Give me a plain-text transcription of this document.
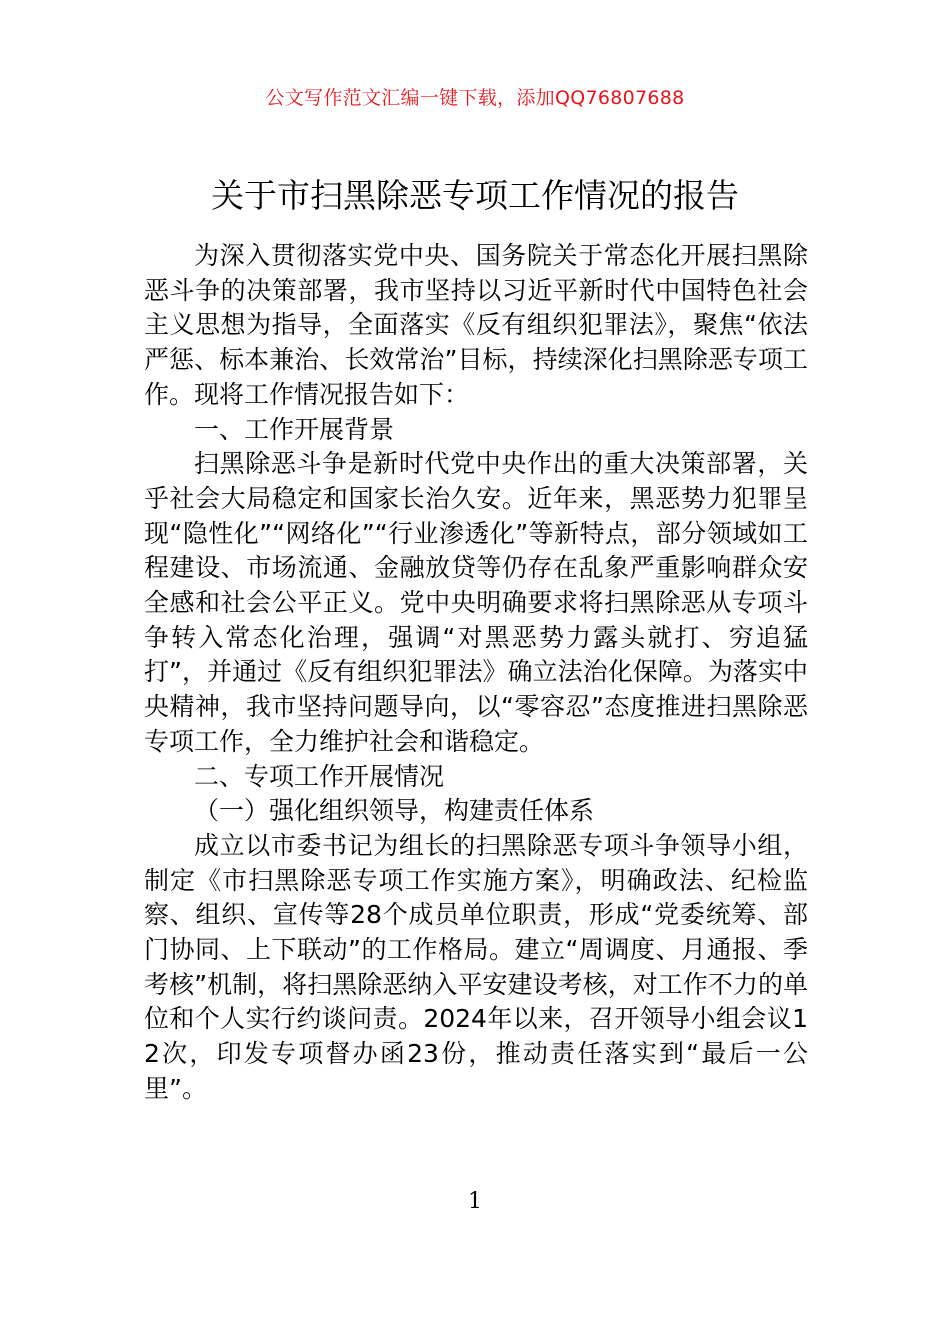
公文写作范文汇编一键下载，添加QQ76807688
关于市扫黑除恶专项工作情况的报告

为深入贯彻落实党中央、国务院关于常态化开展扫黑除恶斗争的决策部署，我市坚持以习近平新时代中国特色社会主义思想为指导，全面落实《反有组织犯罪法》，聚焦“依法严惩、标本兼治、长效常治”目标，持续深化扫黑除恶专项工作。现将工作情况报告如下：

一、工作开展背景

扫黑除恶斗争是新时代党中央作出的重大决策部署，关乎社会大局稳定和国家长治久安。近年来，黑恶势力犯罪呈现“隐性化”“网络化”“行业渗透化”等新特点，部分领域如工程建设、市场流通、金融放贷等仍存在乱象严重影响群众安全感和社会公平正义。党中央明确要求将扫黑除恶从专项斗争转入常态化治理，强调“对黑恶势力露头就打、穷追猛打”，并通过《反有组织犯罪法》确立法治化保障。为落实中央精神，我市坚持问题导向，以“零容忍”态度推进扫黑除恶专项工作，全力维护社会和谐稳定。

二、专项工作开展情况

（一）强化组织领导，构建责任体系

成立以市委书记为组长的扫黑除恶专项斗争领导小组，制定《市扫黑除恶专项工作实施方案》，明确政法、纪检监察、组织、宣传等28个成员单位职责，形成“党委统筹、部门协同、上下联动”的工作格局。建立“周调度、月通报、季考核”机制，将扫黑除恶纳入平安建设考核，对工作不力的单位和个人实行约谈问责。2024年以来，召开领导小组会议12次，印发专项督办函23份，推动责任落实到“最后一公里”。

1
